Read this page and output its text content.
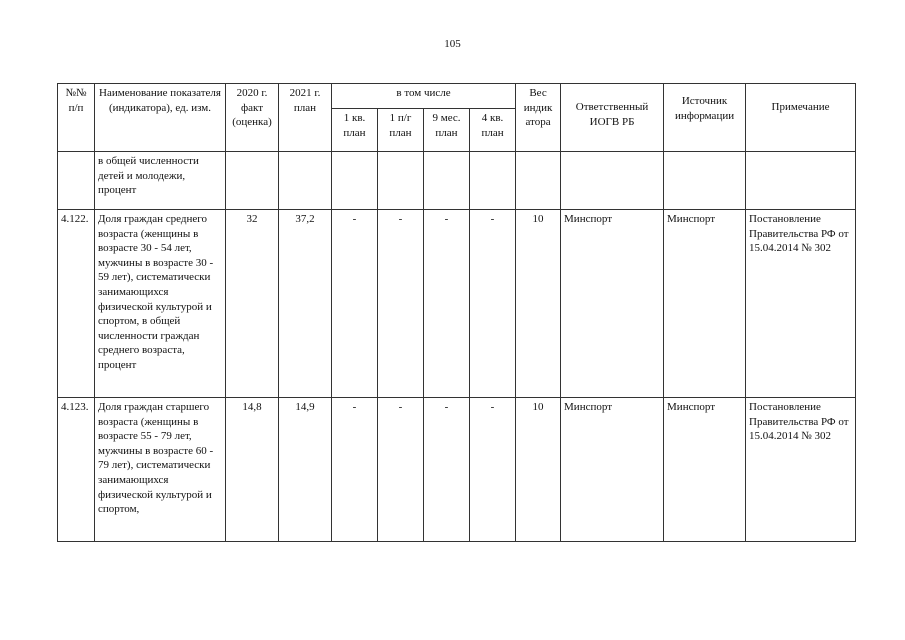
105
№№ п/п	Наименование показателя (индикатора), ед. изм.	2020 г. факт (оценка)	2021 г. план	в том числе				Вес индик атора	Ответственный ИОГВ РБ	Источник информации	Примечание
				1 кв. план	1 п/г план	9 мес. план	4 кв. план				
	в общей численности детей и молодежи, процент										
4.122.	Доля граждан среднего возраста (женщины в возрасте 30 - 54 лет, мужчины в возрасте 30 - 59 лет), систематически занимающихся физической культурой и спортом, в общей численности граждан среднего возраста, процент	32	37,2	-	-	-	-	10	Минспорт	Минспорт	Постановление Правительства РФ от 15.04.2014 № 302
4.123.	Доля граждан старшего возраста (женщины в возрасте 55 - 79 лет, мужчины в возрасте 60 - 79 лет), систематически занимающихся физической культурой и спортом,	14,8	14,9	-	-	-	-	10	Минспорт	Минспорт	Постановление Правительства РФ от 15.04.2014 № 302
